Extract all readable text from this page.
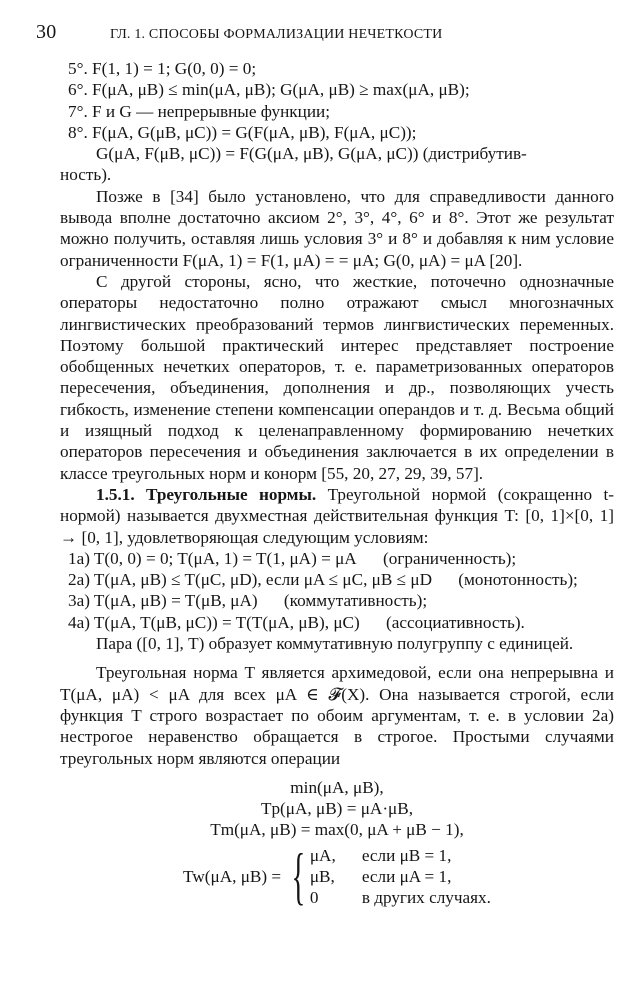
30	ГЛ. 1. СПОСОБЫ ФОРМАЛИЗАЦИИ НЕЧЕТКОСТИ

5°. F(1, 1) = 1; G(0, 0) = 0;

6°. F(μA, μB) ≤ min(μA, μB); G(μA, μB) ≥ max(μA, μB);

7°. F и G — непрерывные функции;

8°. F(μA, G(μB, μC)) = G(F(μA, μB), F(μA, μC));

G(μA, F(μB, μC)) = F(G(μA, μB), G(μA, μC)) (дистрибутив-

ность).

Позже в [34] было установлено, что для справедливости данного вывода вполне достаточно аксиом 2°, 3°, 4°, 6° и 8°. Этот же результат можно получить, оставляя лишь условия 3° и 8° и добавляя к ним условие ограниченности F(μA, 1) = F(1, μA) = = μA; G(0, μA) = μA [20].

С другой стороны, ясно, что жесткие, поточечно однозначные операторы недостаточно полно отражают смысл многозначных лингвистических преобразований термов лингвистических переменных. Поэтому большой практический интерес представляет построение обобщенных нечетких операторов, т. е. параметризованных операторов пересечения, объединения, дополнения и др., позволяющих учесть гибкость, изменение степени компенсации операндов и т. д. Весьма общий и изящный подход к целенаправленному формированию нечетких операторов пересечения и объединения заключается в их определении в классе треугольных норм и конорм [55, 20, 27, 29, 39, 57].

1.5.1. Треугольные нормы. Треугольной нормой (сокращенно t-нормой) называется двухместная действительная функция T: [0, 1]×[0, 1] → [0, 1], удовлетворяющая следующим условиям:

1a) T(0, 0) = 0; T(μA, 1) = T(1, μA) = μA (ограниченность);

2a) T(μA, μB) ≤ T(μC, μD), если μA ≤ μC, μB ≤ μD (монотонность);

3a) T(μA, μB) = T(μB, μA) (коммутативность);

4a) T(μA, T(μB, μC)) = T(T(μA, μB), μC) (ассоциативность).

Пара ([0, 1], T) образует коммутативную полугруппу с единицей.

Треугольная норма T является архимедовой, если она непрерывна и T(μA, μA) < μA для всех μA ∈ 𝓕(X). Она называется строгой, если функция T строго возрастает по обоим аргументам, т. е. в условии 2a) нестрогое неравенство обращается в строгое. Простыми случаями треугольных норм являются операции

min(μA, μB),
Tp(μA, μB) = μA·μB,
Tm(μA, μB) = max(0, μA + μB − 1),
Tw(μA, μB) = { μA, если μB = 1,
μB, если μA = 1,
0	в других случаях.
